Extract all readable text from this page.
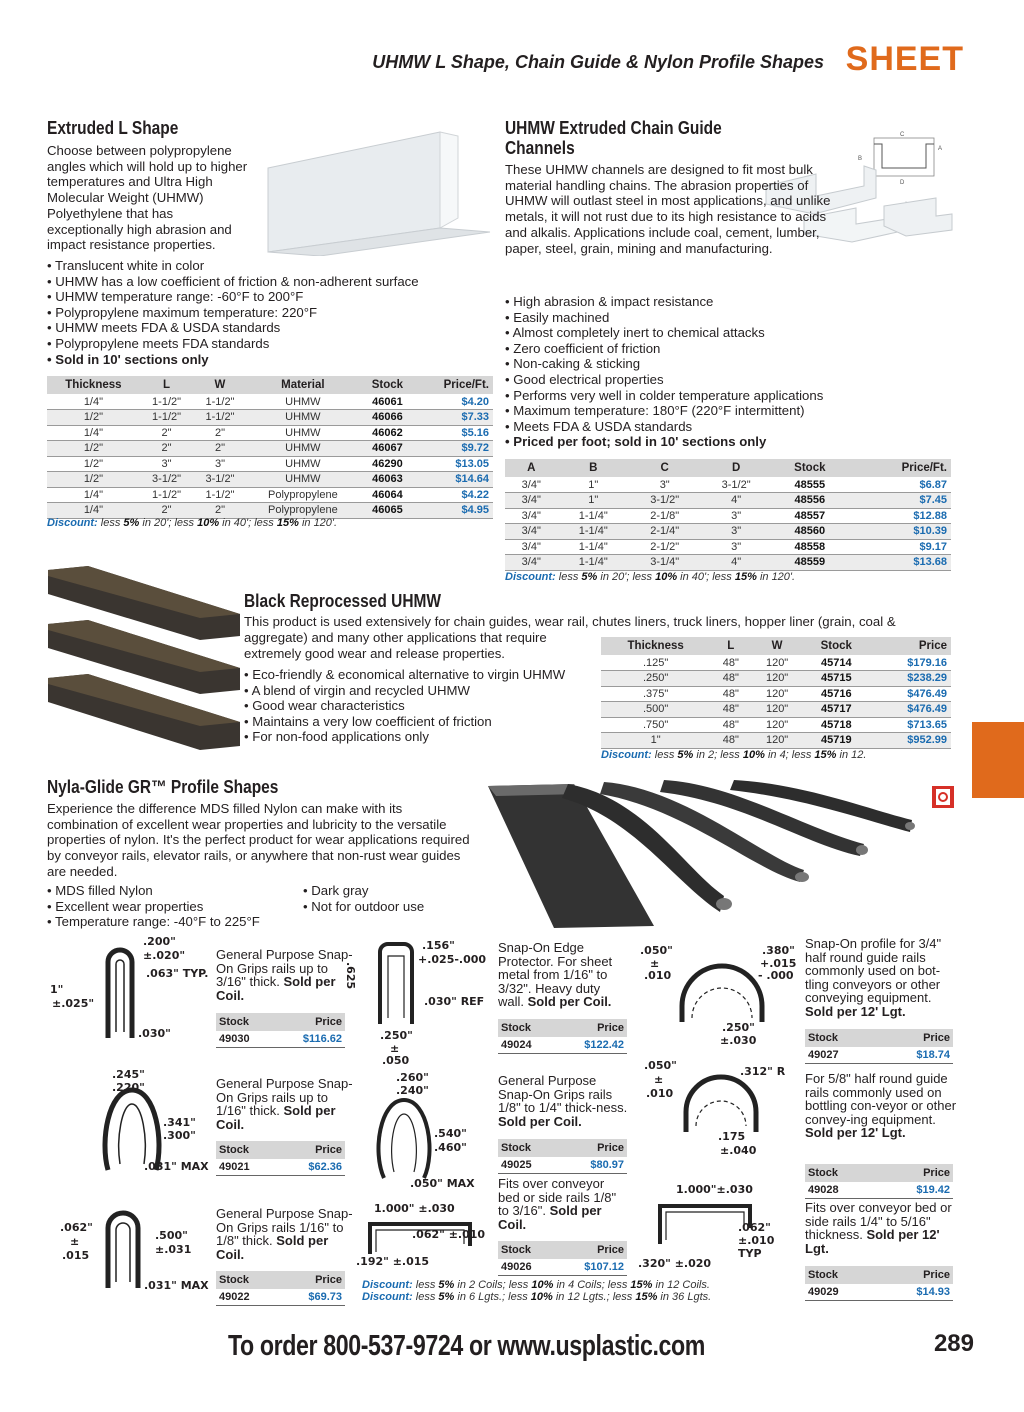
UHMW L Shape, Chain Guide & Nylon Profile Shapes SHEET
Extruded L Shape
Choose between polypropylene angles which will hold up to higher temperatures and Ultra High Molecular Weight (UHMW) Polyethylene that has exceptionally high abrasion and impact resistance properties.
• Translucent white in color
• UHMW has a low coefficient of friction & non-adherent surface
• UHMW temperature range: -60°F to 200°F
• Polypropylene maximum temperature: 220°F
• UHMW meets FDA & USDA standards
• Polypropylene meets FDA standards
• Sold in 10' sections only
Thickness	L	W	Material	Stock	Price/Ft.
1/4"	1-1/2"	1-1/2"	UHMW	46061	$4.20
1/2"	1-1/2"	1-1/2"	UHMW	46066	$7.33
1/4"	2"	2"	UHMW	46062	$5.16
1/2"	2"	2"	UHMW	46067	$9.72
1/2"	3"	3"	UHMW	46290	$13.05
1/2"	3-1/2"	3-1/2"	UHMW	46063	$14.64
1/4"	1-1/2"	1-1/2"	Polypropylene	46064	$4.22
1/4"	2"	2"	Polypropylene	46065	$4.95
Discount: less 5% in 20'; less 10% in 40'; less 15% in 120'.
UHMW Extruded Chain Guide
Channels
C
D
B
A
These UHMW channels are designed to fit most bulk material handling chains. The abrasion properties of UHMW will outlast steel in most applications, and unlike metals, it will not rust due to its high resistance to acids and alkalis. Applications include coal, cement, lumber, paper, steel, grain, mining and manufacturing.
• High abrasion & impact resistance
• Easily machined
• Almost completely inert to chemical attacks
• Zero coefficient of friction
• Non-caking & sticking
• Good electrical properties
• Performs very well in colder temperature applications
• Maximum temperature: 180°F (220°F intermittent)
• Meets FDA & USDA standards
• Priced per foot; sold in 10' sections only
A	B	C	D	Stock	Price/Ft.
3/4"	1"	3"	3-1/2"	48555	$6.87
3/4"	1"	3-1/2"	4"	48556	$7.45
3/4"	1-1/4"	2-1/8"	3"	48557	$12.88
3/4"	1-1/4"	2-1/4"	3"	48560	$10.39
3/4"	1-1/4"	2-1/2"	3"	48558	$9.17
3/4"	1-1/4"	3-1/4"	4"	48559	$13.68
Discount: less 5% in 20'; less 10% in 40'; less 15% in 120'.
Black Reprocessed UHMW
This product is used extensively for chain guides, wear rail, chutes liners, truck liners, hopper liner (grain, coal &
aggregate) and many other applications that require extremely good wear and release properties.
• Eco-friendly & economical alternative to virgin UHMW
• A blend of virgin and recycled UHMW
• Good wear characteristics
• Maintains a very low coefficient of friction
• For non-food applications only
Thickness	L	W	Stock	Price
.125"	48"	120"	45714	$179.16
.250"	48"	120"	45715	$238.29
.375"	48"	120"	45716	$476.49
.500"	48"	120"	45717	$476.49
.750"	48"	120"	45718	$713.65
1"	48"	120"	45719	$952.99
Discount: less 5% in 2; less 10% in 4; less 15% in 12.
Nyla-Glide GR™ Profile Shapes
Experience the difference MDS filled Nylon can make with its combination of excellent wear properties and lubricity to the versatile properties of nylon. It's the perfect product for wear applications required by conveyor rails, elevator rails, or anywhere that non-rust wear guides are needed.
• MDS filled Nylon
• Excellent wear properties
• Temperature range: -40°F to 225°F
• Dark gray
• Not for outdoor use
.200"
±.020"
.063" TYP.
1"
±.025"
.030"
General Purpose Snap-On Grips rails up to 3/16" thick. Sold per Coil.
Stock	Price
49030	$116.62
.245"
.220"
.341"
.300"
.031" MAX
General Purpose Snap-On Grips rails up to 1/16" thick. Sold per Coil.
Stock	Price
49021	$62.36
.062"
±
.015
.500"
±.031
.031" MAX
General Purpose Snap-On Grips rails 1/16" to 1/8" thick. Sold per Coil.
Stock	Price
49022	$69.73
.156"
+.025-.000
.625
.030" REF
.250"
±
.050
Snap-On Edge Protector. For sheet metal from 1/16" to 3/32". Heavy duty wall. Sold per Coil.
Stock	Price
49024	$122.42
.260"
.240"
.540"
.460"
.050" MAX
General Purpose Snap-On Grips rails 1/8" to 1/4" thick-ness. Sold per Coil.
Stock	Price
49025	$80.97
1.000" ±.030
.062" ±.010
.192" ±.015
Fits over conveyor bed or side rails 1/8" to 3/16". Sold per Coil.
Stock	Price
49026	$107.12
.050"
±
.010
.380"
+.015
- .000
.250"
±.030
Snap-On profile for 3/4" half round guide rails commonly used on bot-tling conveyors or other conveying equipment. Sold per 12' Lgt.
Stock	Price
49027	$18.74
.050"
±
.010
.312" R
.175
±.040
For 5/8" half round guide rails commonly used on bottling con-veyor or other convey-ing equipment. Sold per 12' Lgt.
Stock	Price
49028	$19.42
1.000"±.030
.062"
±.010
TYP
.320" ±.020
Fits over conveyor bed or side rails 1/4" to 5/16" thickness. Sold per 12' Lgt.
Stock	Price
49029	$14.93
Discount: less 5% in 2 Coils; less 10% in 4 Coils; less 15% in 12 Coils.
Discount: less 5% in 6 Lgts.; less 10% in 12 Lgts.; less 15% in 36 Lgts.
To order 800-537-9724 or www.usplastic.com	289
